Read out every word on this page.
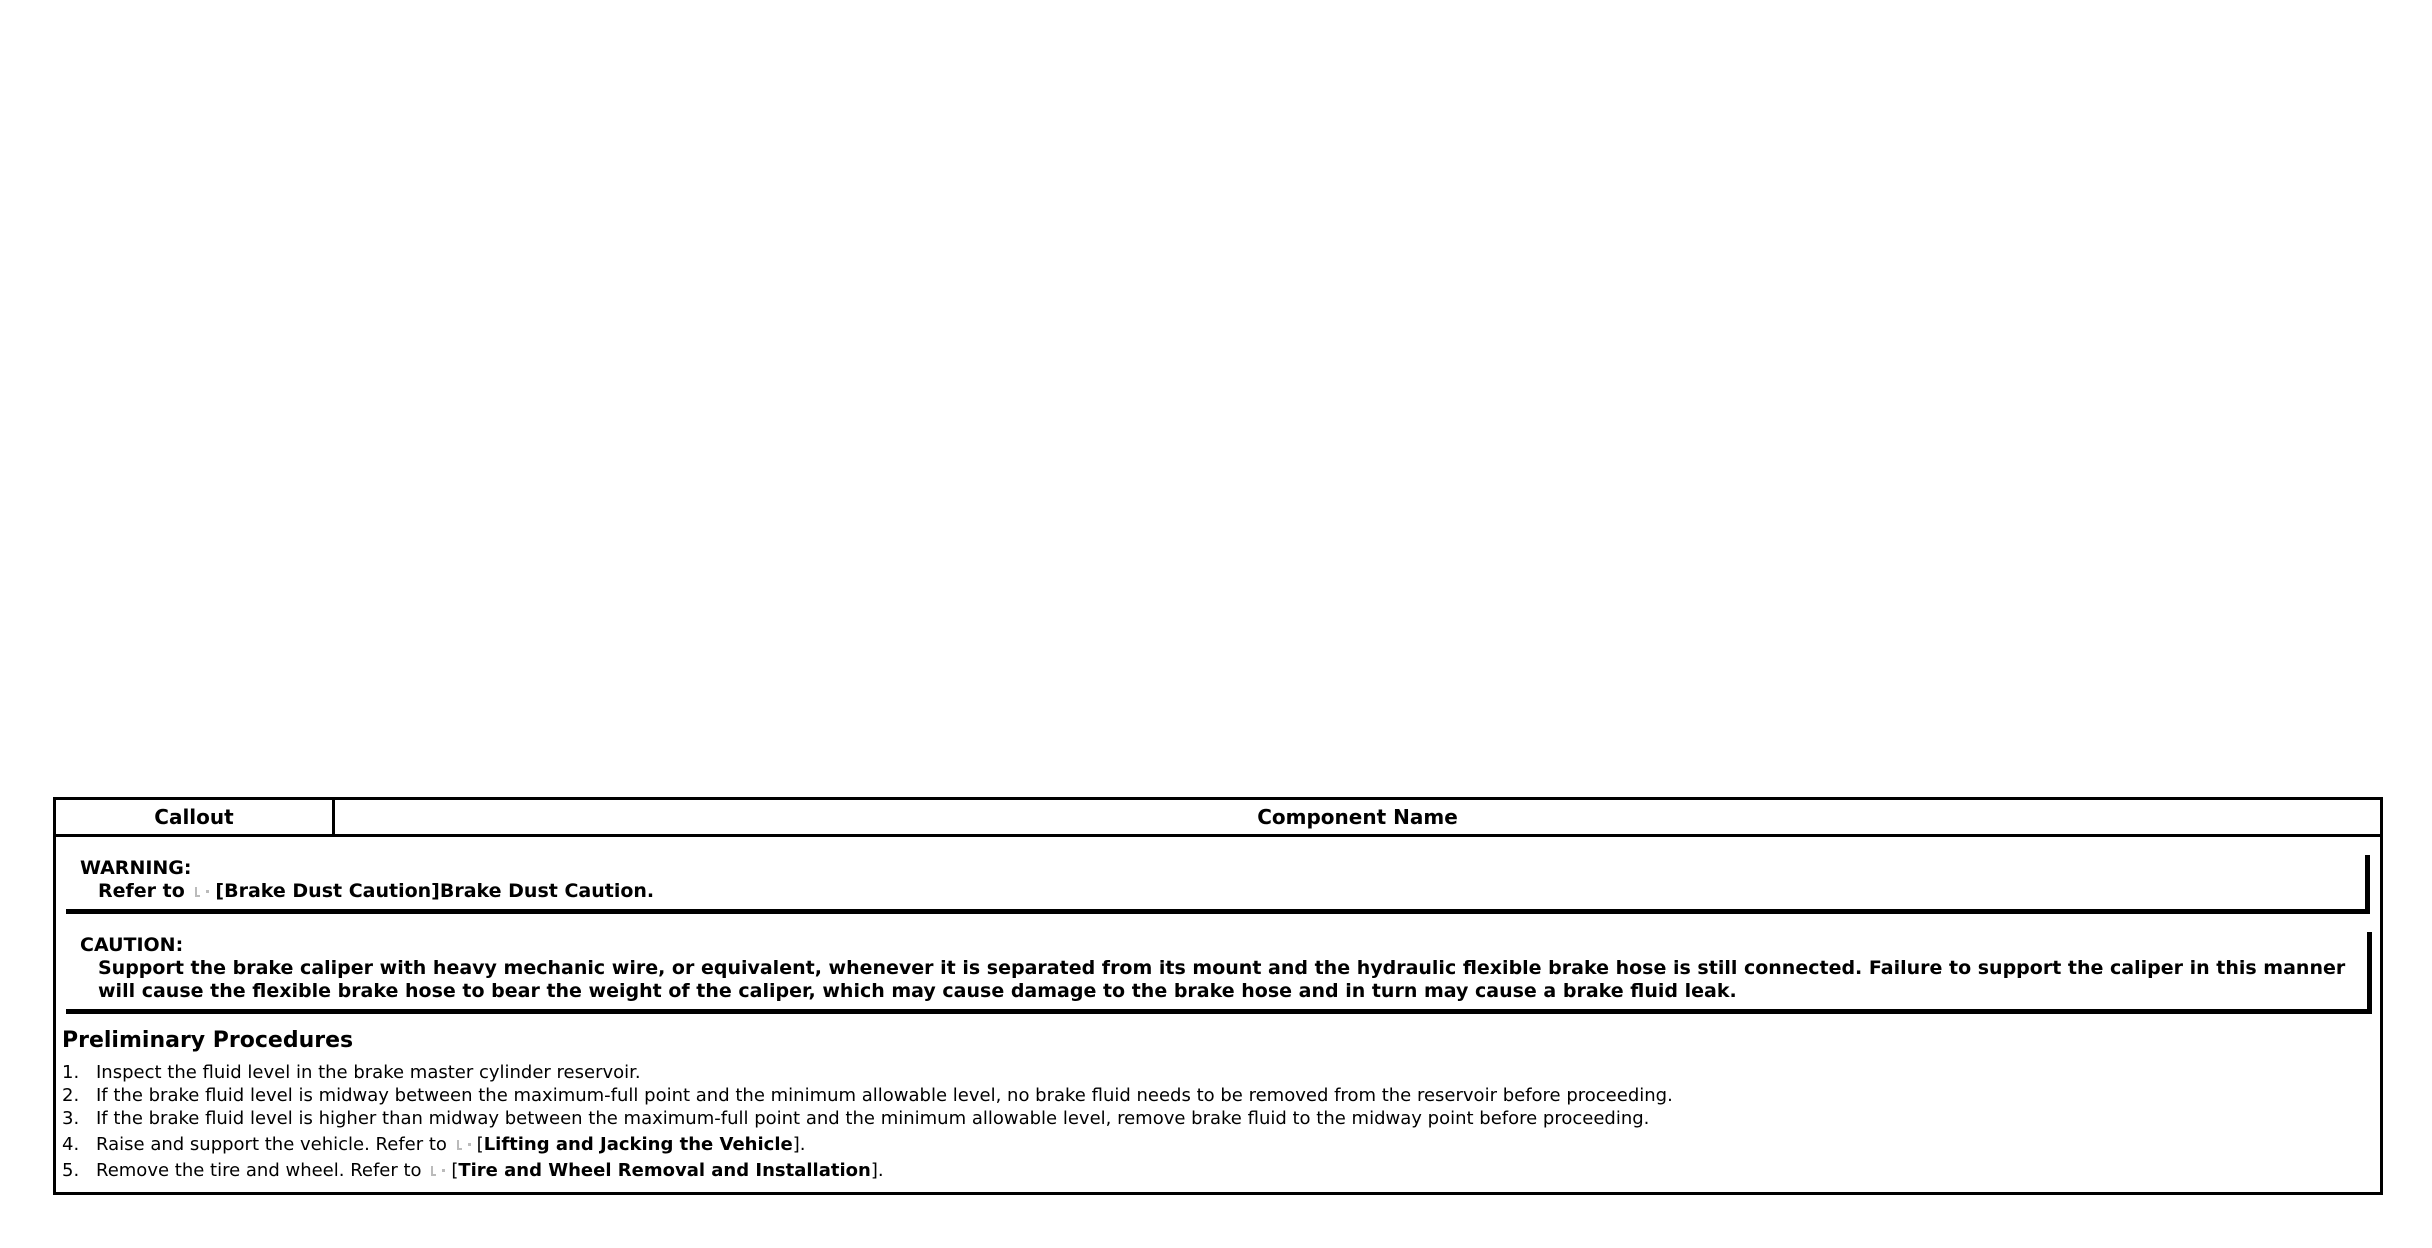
Callout	Component Name
WARNING:
Refer to [Brake Dust Caution]Brake Dust Caution.
CAUTION:
Support the brake caliper with heavy mechanic wire, or equivalent, whenever it is separated from its mount and the hydraulic flexible brake hose is still connected. Failure to support the caliper in this manner will cause the flexible brake hose to bear the weight of the caliper, which may cause damage to the brake hose and in turn may cause a brake fluid leak.
Preliminary Procedures
1. Inspect the fluid level in the brake master cylinder reservoir.
2. If the brake fluid level is midway between the maximum-full point and the minimum allowable level, no brake fluid needs to be removed from the reservoir before proceeding.
3. If the brake fluid level is higher than midway between the maximum-full point and the minimum allowable level, remove brake fluid to the midway point before proceeding.
4. Raise and support the vehicle. Refer to [Lifting and Jacking the Vehicle].
5. Remove the tire and wheel. Refer to [Tire and Wheel Removal and Installation].
